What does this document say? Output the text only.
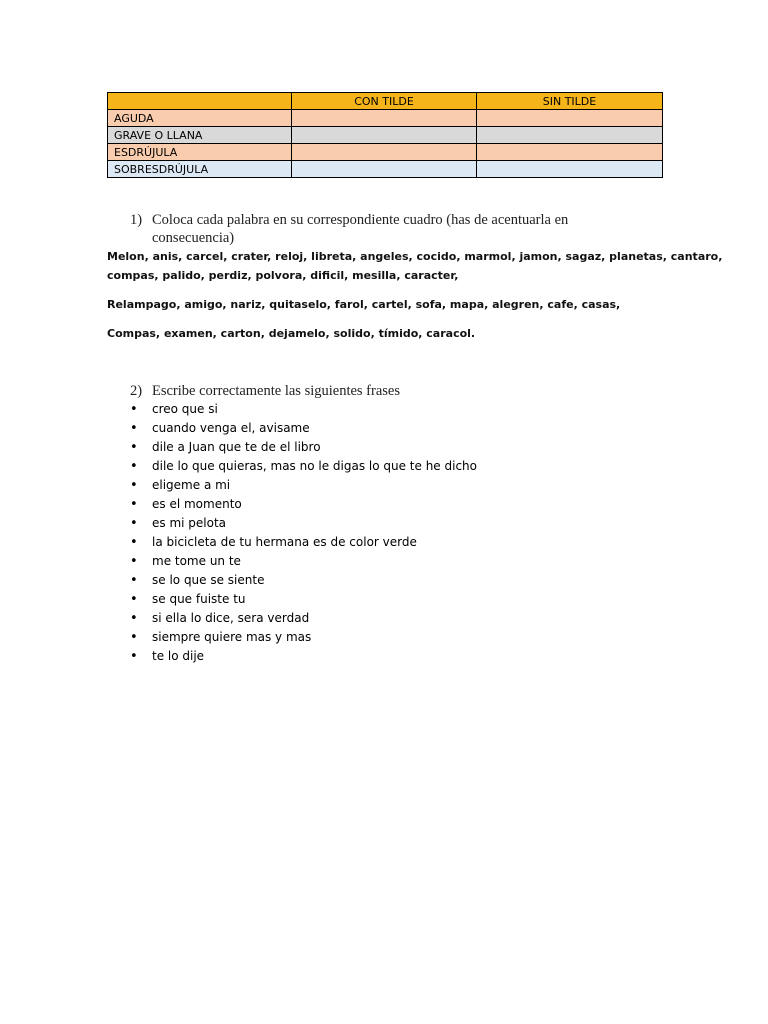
	CON TILDE	SIN TILDE
AGUDA		
GRAVE O LLANA		
ESDRÚJULA		
SOBRESDRÚJULA		
1) Coloca cada palabra en su correspondiente cuadro (has de acentuarla en consecuencia)
Melon, anis, carcel, crater, reloj, libreta, angeles, cocido, marmol, jamon, sagaz, planetas, cantaro,
compas, palido, perdiz, polvora, dificil, mesilla, caracter,
Relampago, amigo, nariz, quitaselo, farol, cartel, sofa, mapa, alegren, cafe, casas,
Compas, examen, carton, dejamelo, solido, tímido, caracol.
2) Escribe correctamente las siguientes frases
• creo que si
• cuando venga el, avisame
• dile a Juan que te de el libro
• dile lo que quieras, mas no le digas lo que te he dicho
• eligeme a mi
• es el momento
• es mi pelota
• la bicicleta de tu hermana es de color verde
• me tome un te
• se lo que se siente
• se que fuiste tu
• si ella lo dice, sera verdad
• siempre quiere mas y mas
• te lo dije
